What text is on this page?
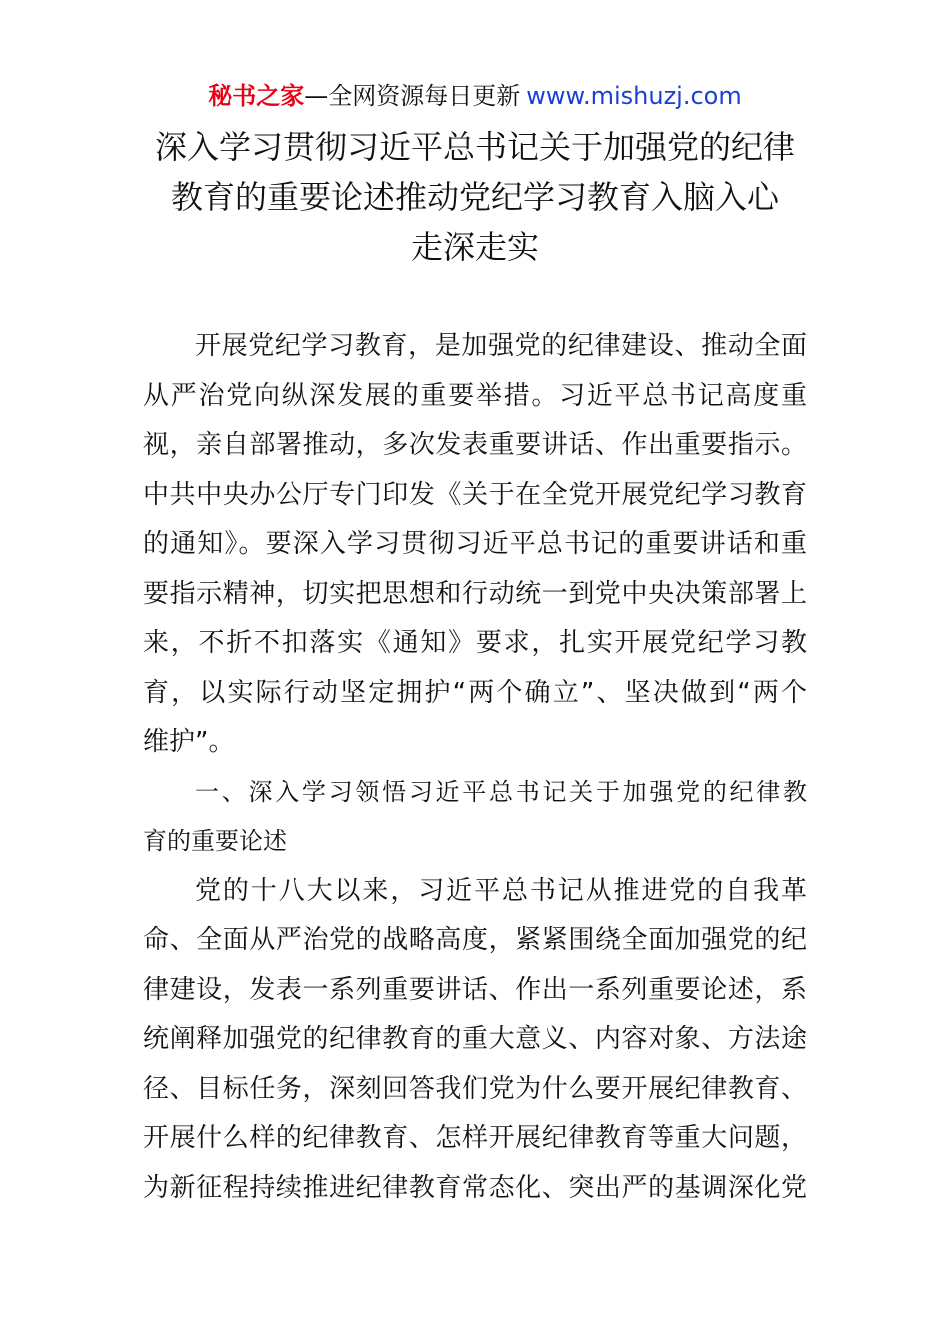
秘书之家—全网资源每日更新 www.mishuzj.com
深入学习贯彻习近平总书记关于加强党的纪律
教育的重要论述推动党纪学习教育入脑入心
走深走实
开展党纪学习教育，是加强党的纪律建设、推动全面
从严治党向纵深发展的重要举措。习近平总书记高度重
视，亲自部署推动，多次发表重要讲话、作出重要指示。
中共中央办公厅专门印发《关于在全党开展党纪学习教育
的通知》。要深入学习贯彻习近平总书记的重要讲话和重
要指示精神，切实把思想和行动统一到党中央决策部署上
来，不折不扣落实《通知》要求，扎实开展党纪学习教
育，以实际行动坚定拥护“两个确立”、坚决做到“两个
维护”。
一、深入学习领悟习近平总书记关于加强党的纪律教
育的重要论述
党的十八大以来，习近平总书记从推进党的自我革
命、全面从严治党的战略高度，紧紧围绕全面加强党的纪
律建设，发表一系列重要讲话、作出一系列重要论述，系
统阐释加强党的纪律教育的重大意义、内容对象、方法途
径、目标任务，深刻回答我们党为什么要开展纪律教育、
开展什么样的纪律教育、怎样开展纪律教育等重大问题，
为新征程持续推进纪律教育常态化、突出严的基调深化党
